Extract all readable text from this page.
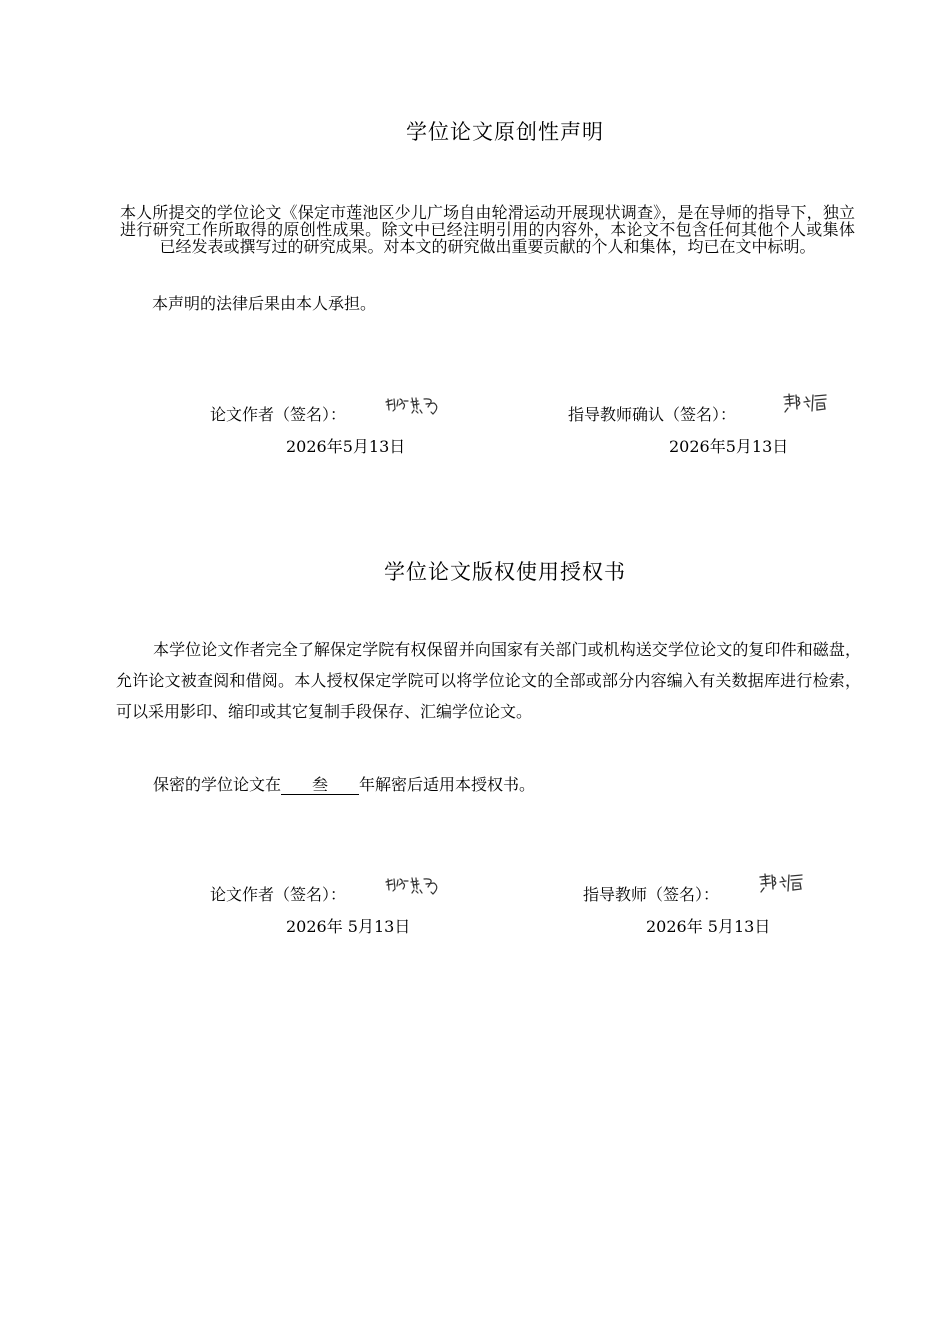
学位论文原创性声明
本人所提交的学位论文《保定市莲池区少儿广场自由轮滑运动开展现状调查》，是在导师的指导下，独立进行研究工作所取得的原创性成果。除文中已经注明引用的内容外，本论文不包含任何其他个人或集体已经发表或撰写过的研究成果。对本文的研究做出重要贡献的个人和集体，均已在文中标明。
本声明的法律后果由本人承担。
论文作者（签名）：	指导教师确认（签名）：
2026年5月13日	2026年5月13日
学位论文版权使用授权书
本学位论文作者完全了解保定学院有权保留并向国家有关部门或机构送交学位论文的复印件和磁盘，允许论文被查阅和借阅。本人授权保定学院可以将学位论文的全部或部分内容编入有关数据库进行检索，可以采用影印、缩印或其它复制手段保存、汇编学位论文。
保密的学位论文在 叁 年解密后适用本授权书。
论文作者（签名）：	指导教师（签名）：
2026年 5月13日	2026年 5月13日
